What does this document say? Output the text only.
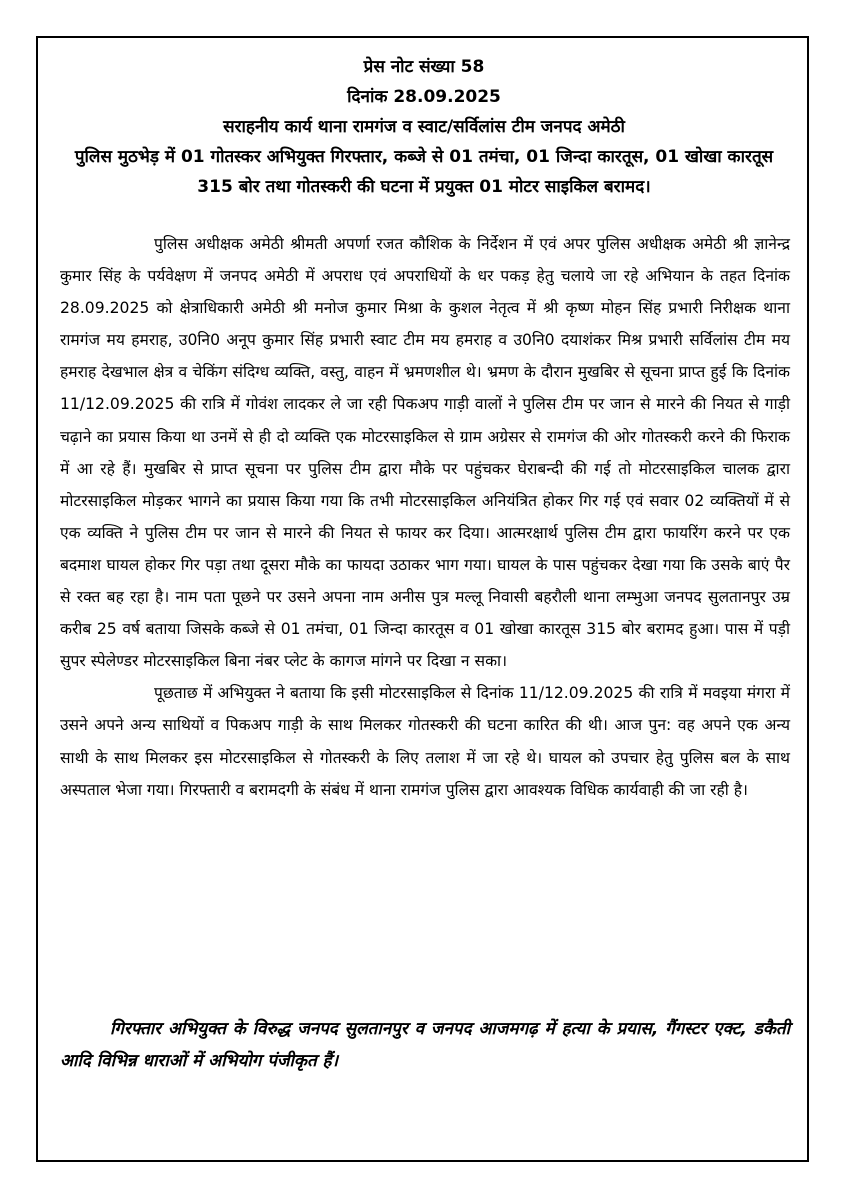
प्रेस नोट संख्या 58
दिनांक 28.09.2025
सराहनीय कार्य थाना रामगंज व स्वाट/सर्विलांस टीम जनपद अमेठी
पुलिस मुठभेड़ में 01 गोतस्कर अभियुक्त गिरफ्तार, कब्जे से 01 तमंचा, 01 जिन्दा कारतूस, 01 खोखा कारतूस 315 बोर तथा गोतस्करी की घटना में प्रयुक्त 01 मोटर साइकिल बरामद।

पुलिस अधीक्षक अमेठी श्रीमती अपर्णा रजत कौशिक के निर्देशन में एवं अपर पुलिस अधीक्षक अमेठी श्री ज्ञानेन्द्र कुमार सिंह के पर्यवेक्षण में जनपद अमेठी में अपराध एवं अपराधियों के धर पकड़ हेतु चलाये जा रहे अभियान के तहत दिनांक 28.09.2025 को क्षेत्राधिकारी अमेठी श्री मनोज कुमार मिश्रा के कुशल नेतृत्व में श्री कृष्ण मोहन सिंह प्रभारी निरीक्षक थाना रामगंज मय हमराह, उ0नि0 अनूप कुमार सिंह प्रभारी स्वाट टीम मय हमराह व उ0नि0 दयाशंकर मिश्र प्रभारी सर्विलांस टीम मय हमराह देखभाल क्षेत्र व चेकिंग संदिग्ध व्यक्ति, वस्तु, वाहन में भ्रमणशील थे। भ्रमण के दौरान मुखबिर से सूचना प्राप्त हुई कि दिनांक 11/12.09.2025 की रात्रि में गोवंश लादकर ले जा रही पिकअप गाड़ी वालों ने पुलिस टीम पर जान से मारने की नियत से गाड़ी चढ़ाने का प्रयास किया था उनमें से ही दो व्यक्ति एक मोटरसाइकिल से ग्राम अग्रेसर से रामगंज की ओर गोतस्करी करने की फिराक में आ रहे हैं। मुखबिर से प्राप्त सूचना पर पुलिस टीम द्वारा मौके पर पहुंचकर घेराबन्दी की गई तो मोटरसाइकिल चालक द्वारा मोटरसाइकिल मोड़कर भागने का प्रयास किया गया कि तभी मोटरसाइकिल अनियंत्रित होकर गिर गई एवं सवार 02 व्यक्तियों में से एक व्यक्ति ने पुलिस टीम पर जान से मारने की नियत से फायर कर दिया। आत्मरक्षार्थ पुलिस टीम द्वारा फायरिंग करने पर एक बदमाश घायल होकर गिर पड़ा तथा दूसरा मौके का फायदा उठाकर भाग गया। घायल के पास पहुंचकर देखा गया कि उसके बाएं पैर से रक्त बह रहा है। नाम पता पूछने पर उसने अपना नाम अनीस पुत्र मल्लू निवासी बहरौली थाना लम्भुआ जनपद सुलतानपुर उम्र करीब 25 वर्ष बताया जिसके कब्जे से 01 तमंचा, 01 जिन्दा कारतूस व 01 खोखा कारतूस 315 बोर बरामद हुआ। पास में पड़ी सुपर स्पेलेण्डर मोटरसाइकिल बिना नंबर प्लेट के कागज मांगने पर दिखा न सका।

पूछताछ में अभियुक्त ने बताया कि इसी मोटरसाइकिल से दिनांक 11/12.09.2025 की रात्रि में मवइया मंगरा में उसने अपने अन्य साथियों व पिकअप गाड़ी के साथ मिलकर गोतस्करी की घटना कारित की थी। आज पुन: वह अपने एक अन्य साथी के साथ मिलकर इस मोटरसाइकिल से गोतस्करी के लिए तलाश में जा रहे थे। घायल को उपचार हेतु पुलिस बल के साथ अस्पताल भेजा गया। गिरफ्तारी व बरामदगी के संबंध में थाना रामगंज पुलिस द्वारा आवश्यक विधिक कार्यवाही की जा रही है।

गिरफ्तार अभियुक्त के विरुद्ध जनपद सुलतानपुर व जनपद आजमगढ़ में हत्या के प्रयास, गैंगस्टर एक्ट, डकैती आदि विभिन्न धाराओं में अभियोग पंजीकृत हैं।
